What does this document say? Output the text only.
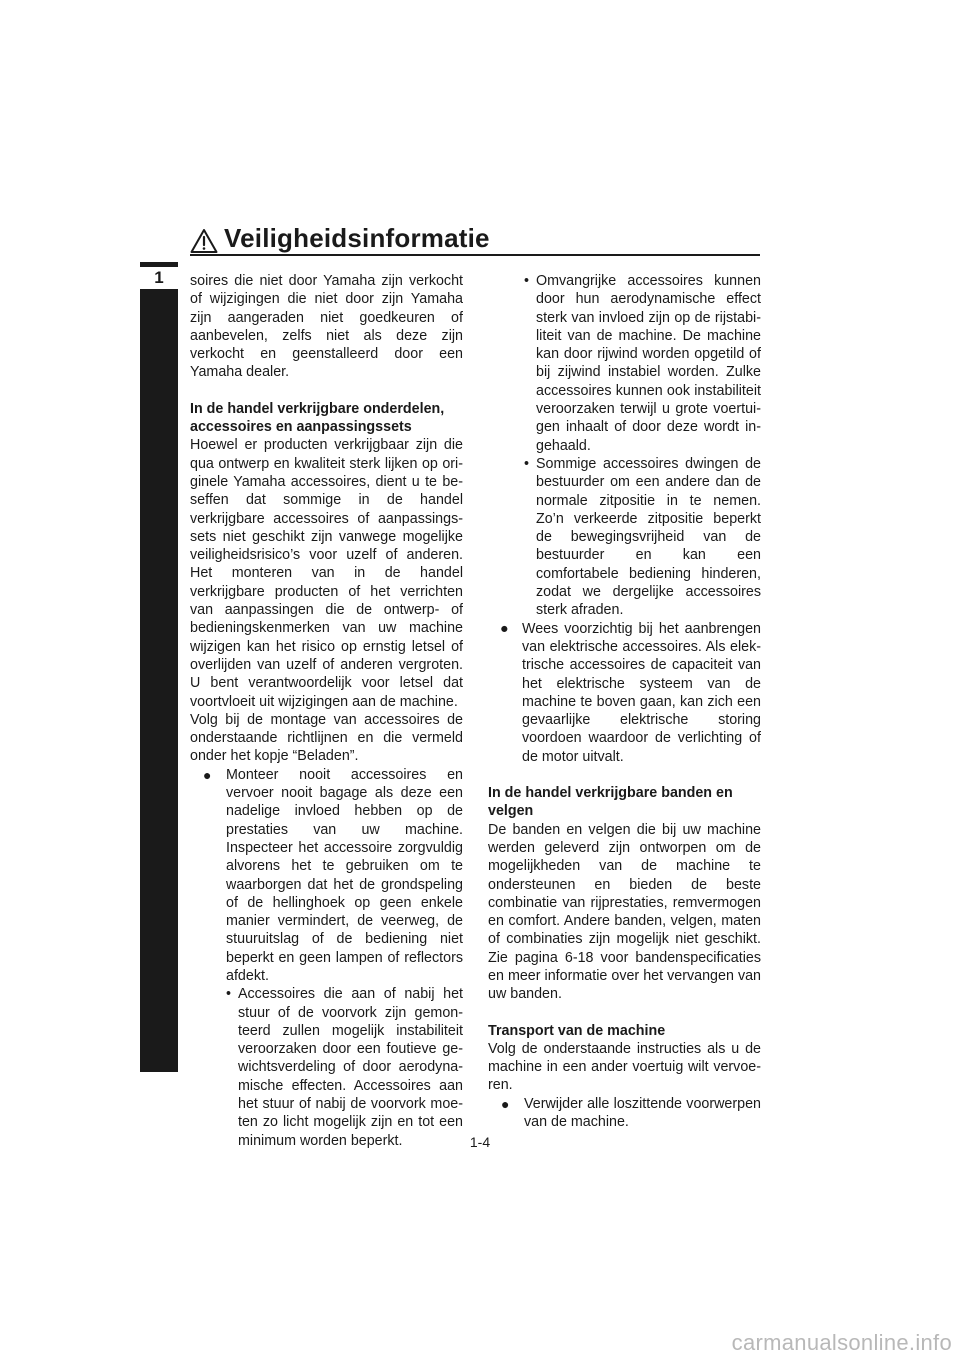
Veiligheidsinformatie
1	soires die niet door Yamaha zijn verkocht of wijzigingen die niet door zijn Yamaha zijn aangeraden niet goedkeuren of aanbevelen, zelfs niet als deze zijn verkocht en geenstalleerd door een Yamaha dealer.

In de handel verkrijgbare onderdelen, accessoires en aanpassingssets

Hoewel er producten verkrijgbaar zijn die qua ontwerp en kwaliteit sterk lijken op originele Yamaha accessoires, dient u te beseffen dat sommige in de handel verkrijgbare accessoires of aanpassingssets niet geschikt zijn vanwege mogelijke veiligheidsrisico’s voor uzelf of anderen. Het monteren van in de handel verkrijgbare producten of het verrichten van aanpassingen die de ontwerp- of bedieningskenmerken van uw machine wijzigen kan het risico op ernstig letsel of overlijden van uzelf of anderen vergroten. U bent verantwoordelijk voor letsel dat voortvloeit uit wijzigingen aan de machine.

Volg bij de montage van accessoires de onderstaande richtlijnen en die vermeld onder het kopje “Beladen”.

● Monteer nooit accessoires en vervoer nooit bagage als deze een nadelige invloed hebben op de prestaties van uw machine. Inspecteer het accessoire zorgvuldig alvorens het te gebruiken om te waarborgen dat het de grondspeling of de hellinghoek op geen enkele manier vermindert, de veerweg, de stuuruitslag of de bediening niet beperkt en geen lampen of reflectors afdekt.
• Accessoires die aan of nabij het stuur of de voorvork zijn gemonteerd zullen mogelijk instabiliteit veroorzaken door een foutieve gewichtsverdeling of door aerodynamische effecten. Accessoires aan het stuur of nabij de voorvork moeten zo licht mogelijk zijn en tot een minimum worden beperkt.
• Omvangrijke accessoires kunnen door hun aerodynamische effect sterk van invloed zijn op de rijstabiliteit van de machine. De machine kan door rijwind worden opgetild of bij zijwind instabiel worden. Zulke accessoires kunnen ook instabiliteit veroorzaken terwijl u grote voertuigen inhaalt of door deze wordt ingehaald.
• Sommige accessoires dwingen de bestuurder om een andere dan de normale zitpositie in te nemen. Zo’n verkeerde zitpositie beperkt de bewegingsvrijheid van de bestuurder en kan een comfortabele bediening hinderen, zodat we dergelijke accessoires sterk afraden.
● Wees voorzichtig bij het aanbrengen van elektrische accessoires. Als elektrische accessoires de capaciteit van het elektrische systeem van de machine te boven gaan, kan zich een gevaarlijke elektrische storing voordoen waardoor de verlichting of de motor uitvalt.

In de handel verkrijgbare banden en velgen

De banden en velgen die bij uw machine werden geleverd zijn ontworpen om de mogelijkheden van de machine te ondersteunen en bieden de beste combinatie van rijprestaties, remvermogen en comfort. Andere banden, velgen, maten of combinaties zijn mogelijk niet geschikt. Zie pagina 6-18 voor bandenspecificaties en meer informatie over het vervangen van uw banden.

Transport van de machine

Volg de onderstaande instructies als u de machine in een ander voertuig wilt vervoeren.

● Verwijder alle loszittende voorwerpen van de machine.
1-4
carmanualsonline.info
